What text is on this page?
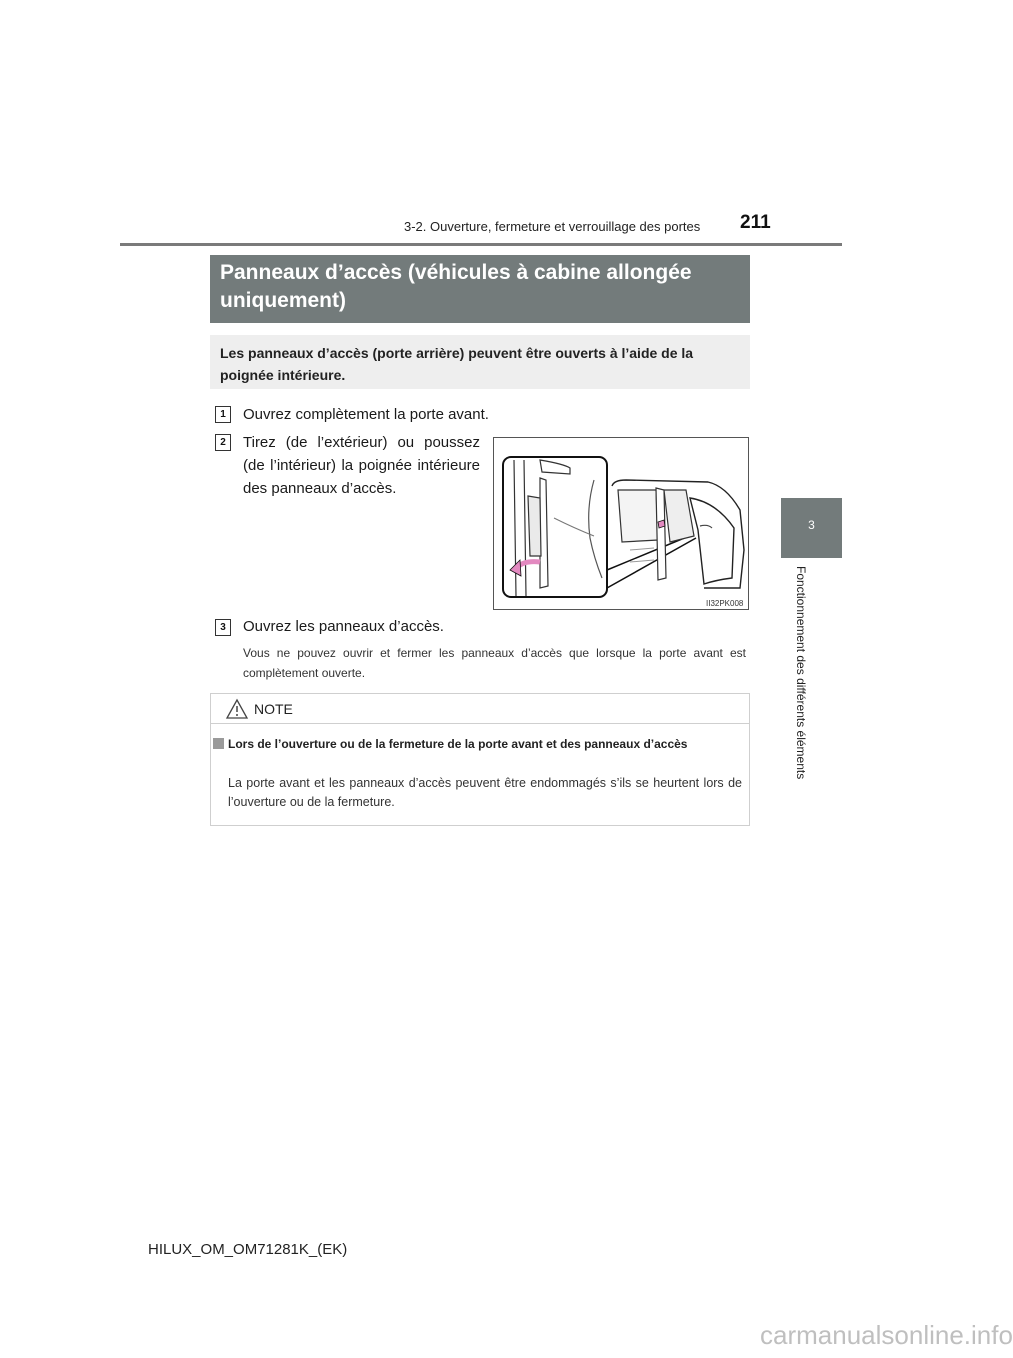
3-2. Ouverture, fermeture et verrouillage des portes 211
3
Fonctionnement des différents éléments
Panneaux d’accès (véhicules à cabine allongée uniquement)
Les panneaux d’accès (porte arrière) peuvent être ouverts à l’aide de la poignée intérieure.
1	Ouvrez complètement la porte avant.
2	Tirez (de l’extérieur) ou poussez (de l’intérieur) la poignée intérieure des panneaux d’accès.
II32PK008
3	Ouvrez les panneaux d’accès.
Vous ne pouvez ouvrir et fermer les panneaux d’accès que lorsque la porte avant est complètement ouverte.
NOTE
Lors de l’ouverture ou de la fermeture de la porte avant et des panneaux d’accès
La porte avant et les panneaux d’accès peuvent être endommagés s’ils se heurtent lors de l’ouverture ou de la fermeture.
HILUX_OM_OM71281K_(EK)
carmanualsonline.info
